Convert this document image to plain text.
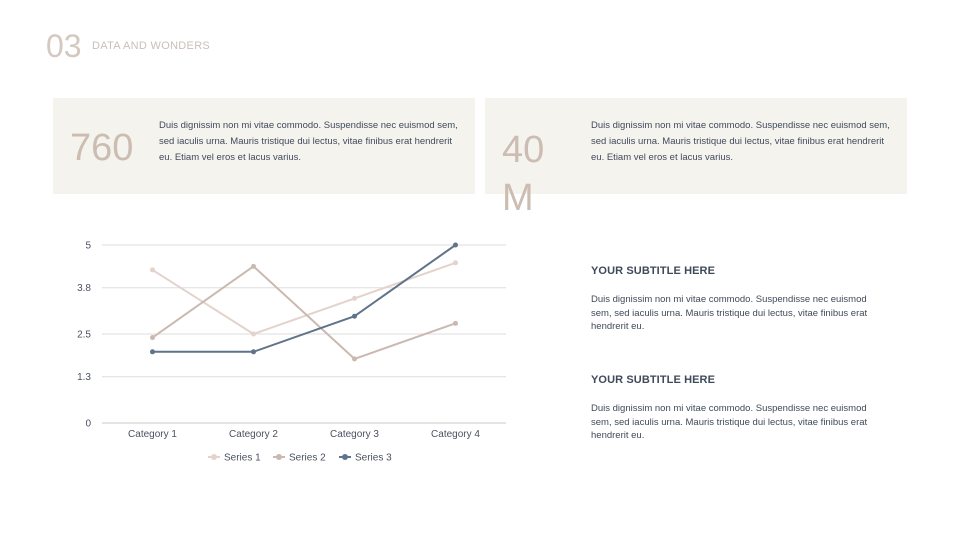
03 DATA AND WONDERS
760
Duis dignissim non mi vitae commodo. Suspendisse nec euismod sem, sed iaculis urna. Mauris tristique dui lectus, vitae finibus erat hendrerit eu. Etiam vel eros et lacus varius.	40 M
Duis dignissim non mi vitae commodo. Suspendisse nec euismod sem, sed iaculis urna. Mauris tristique dui lectus, vitae finibus erat hendrerit eu. Etiam vel eros et lacus varius.
YOUR SUBTITLE HERE
Duis dignissim non mi vitae commodo. Suspendisse nec euismod sem, sed iaculis urna. Mauris tristique dui lectus, vitae finibus erat hendrerit eu.
YOUR SUBTITLE HERE
Duis dignissim non mi vitae commodo. Suspendisse nec euismod sem, sed iaculis urna. Mauris tristique dui lectus, vitae finibus erat hendrerit eu.
0
1.3
2.5
3.8
5
Category 1	Category 2	Category 3	Category 4
Series 1	Series 2	Series 3
